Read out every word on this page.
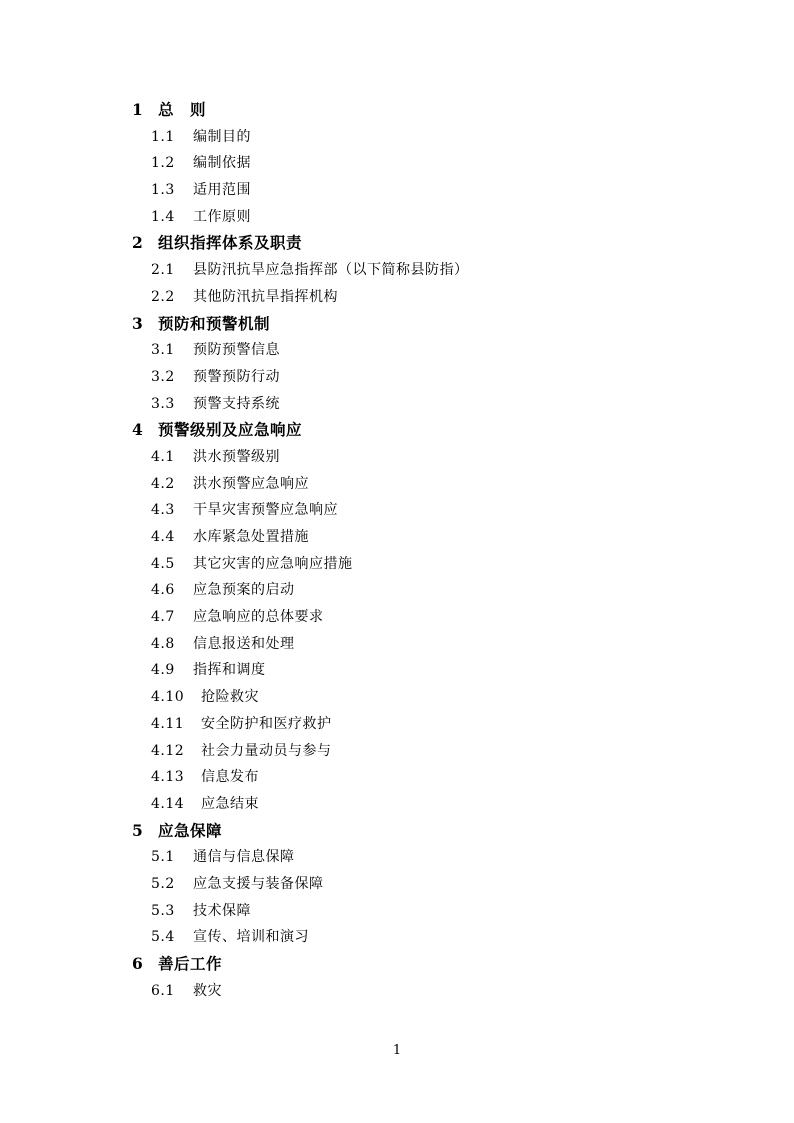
1 总　则
1.1 编制目的
1.2 编制依据
1.3 适用范围
1.4 工作原则
2 组织指挥体系及职责
2.1 县防汛抗旱应急指挥部（以下简称县防指）
2.2 其他防汛抗旱指挥机构
3 预防和预警机制
3.1 预防预警信息
3.2 预警预防行动
3.3 预警支持系统
4 预警级别及应急响应
4.1 洪水预警级别
4.2 洪水预警应急响应
4.3 干旱灾害预警应急响应
4.4 水库紧急处置措施
4.5 其它灾害的应急响应措施
4.6 应急预案的启动
4.7 应急响应的总体要求
4.8 信息报送和处理
4.9 指挥和调度
4.10 抢险救灾
4.11 安全防护和医疗救护
4.12 社会力量动员与参与
4.13 信息发布
4.14 应急结束
5 应急保障
5.1 通信与信息保障
5.2 应急支援与装备保障
5.3 技术保障
5.4 宣传、培训和演习
6 善后工作
6.1 救灾
1
